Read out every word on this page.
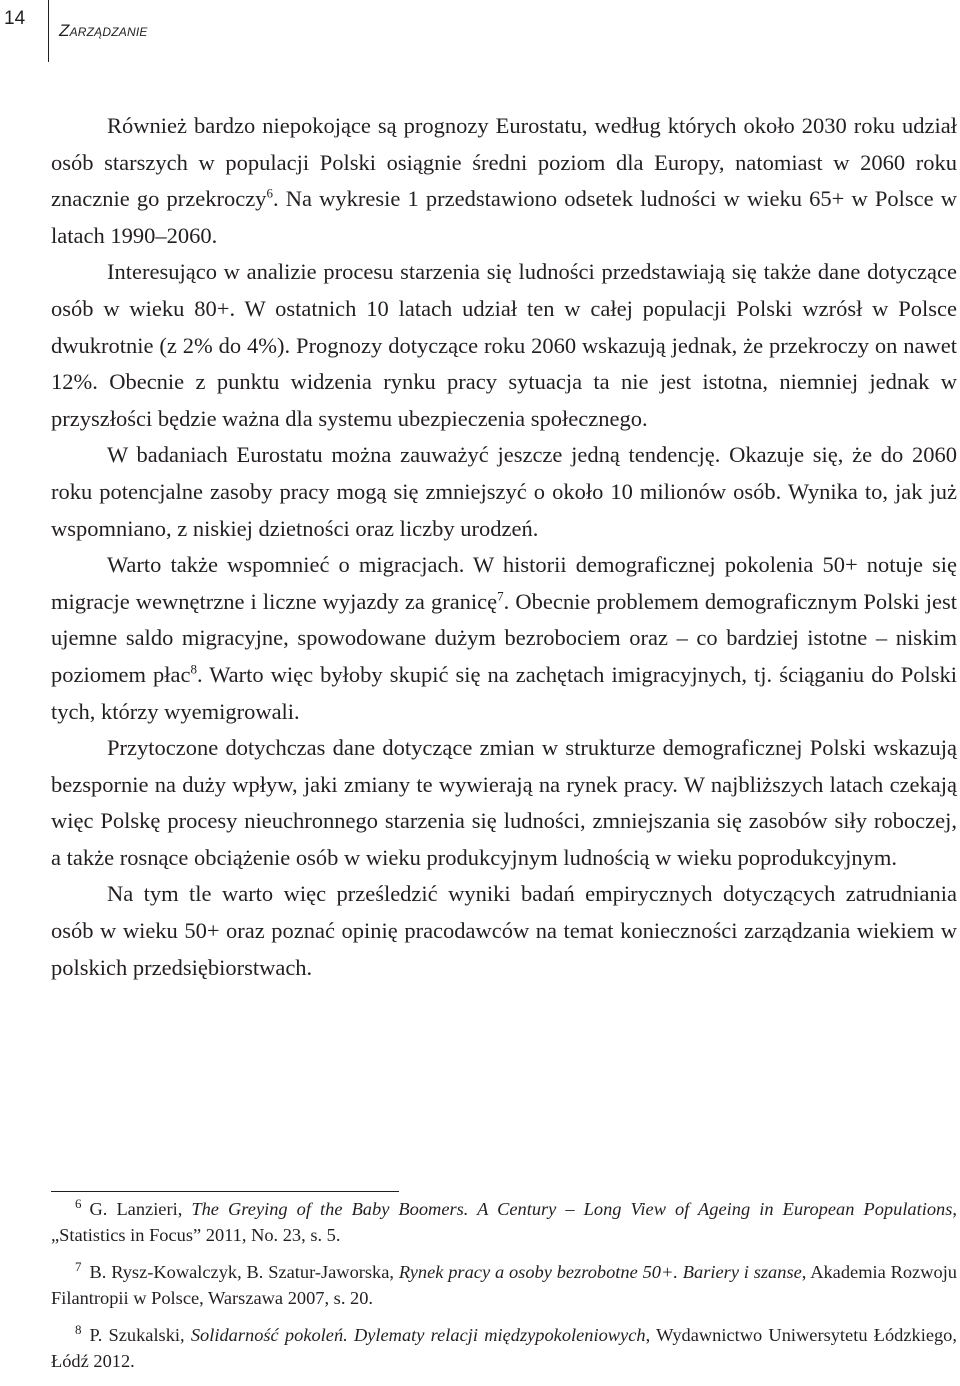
14
Zarządzanie

Również bardzo niepokojące są prognozy Eurostatu, według których około 2030 roku udział osób starszych w populacji Polski osiągnie średni poziom dla Europy, natomiast w 2060 roku znacznie go przekroczy$^6$. Na wykresie 1 przedstawiono odsetek ludności w wieku 65+ w Polsce w latach 1990–2060.

Interesująco w analizie procesu starzenia się ludności przedstawiają się także dane dotyczące osób w wieku 80+. W ostatnich 10 latach udział ten w całej populacji Polski wzrósł w Polsce dwukrotnie (z 2% do 4%). Prognozy dotyczące roku 2060 wskazują jednak, że przekroczy on nawet 12%. Obecnie z punktu widzenia rynku pracy sytuacja ta nie jest istotna, niemniej jednak w przyszłości będzie ważna dla systemu ubezpieczenia społecznego.

W badaniach Eurostatu można zauważyć jeszcze jedną tendencję. Okazuje się, że do 2060 roku potencjalne zasoby pracy mogą się zmniejszyć o około 10 milionów osób. Wynika to, jak już wspomniano, z niskiej dzietności oraz liczby urodzeń.

Warto także wspomnieć o migracjach. W historii demograficznej pokolenia 50+ notuje się migracje wewnętrzne i liczne wyjazdy za granicę$^7$. Obecnie problemem demograficznym Polski jest ujemne saldo migracyjne, spowodowane dużym bezrobociem oraz – co bardziej istotne – niskim poziomem płac$^8$. Warto więc byłoby skupić się na zachętach imigracyjnych, tj. ściąganiu do Polski tych, którzy wyemigrowali.

Przytoczone dotychczas dane dotyczące zmian w strukturze demograficznej Polski wskazują bezspornie na duży wpływ, jaki zmiany te wywierają na rynek pracy. W najbliższych latach czekają więc Polskę procesy nieuchronnego starzenia się ludności, zmniejszania się zasobów siły roboczej, a także rosnące obciążenie osób w wieku produkcyjnym ludnością w wieku poprodukcyjnym.

Na tym tle warto więc prześledzić wyniki badań empirycznych dotyczących zatrudniania osób w wieku 50+ oraz poznać opinię pracodawców na temat konieczności zarządzania wiekiem w polskich przedsiębiorstwach.

$^6$ G. Lanzieri, The Greying of the Baby Boomers. A Century – Long View of Ageing in European Populations, „Statistics in Focus” 2011, No. 23, s. 5.

$^7$ B. Rysz-Kowalczyk, B. Szatur-Jaworska, Rynek pracy a osoby bezrobotne 50+. Bariery i szanse, Akademia Rozwoju Filantropii w Polsce, Warszawa 2007, s. 20.

$^8$ P. Szukalski, Solidarność pokoleń. Dylematy relacji międzypokoleniowych, Wydawnictwo Uniwersytetu Łódzkiego, Łódź 2012.
